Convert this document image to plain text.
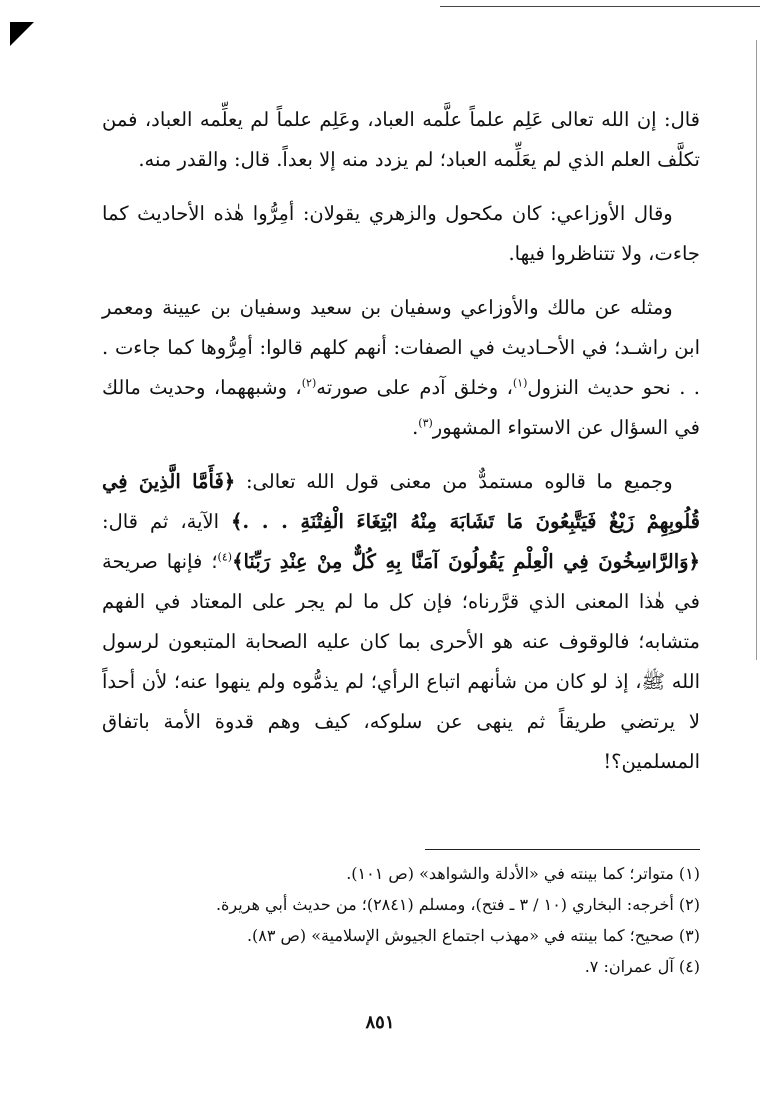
قال: إن الله تعالى عَلِم علماً علَّمه العباد، وعَلِم علماً لم يعلِّمه العباد، فمن تكلَّف العلم الذي لم يعَلِّمه العباد؛ لم يزدد منه إلا بعداً. قال: والقدر منه.

وقال الأوزاعي: كان مكحول والزهري يقولان: أمِرُّوا هٰذه الأحاديث كما جاءت، ولا تتناظروا فيها.

ومثله عن مالك والأوزاعي وسفيان بن سعيد وسفيان بن عيينة ومعمر ابن راشـد؛ في الأحـاديث في الصفات: أنهم كلهم قالوا: أمِرُّوها كما جاءت . . . نحو حديث النزول$^{(١)}$، وخلق آدم على صورته$^{(٢)}$، وشبههما، وحديث مالك في السؤال عن الاستواء المشهور$^{(٣)}$.

وجميع ما قالوه مستمدٌّ من معنى قول الله تعالى: ﴿فَأَمَّا الَّذِينَ فِي قُلُوبِهِمْ زَيْغٌ فَيَتَّبِعُونَ مَا تَشَابَهَ مِنْهُ ابْتِغَاءَ الْفِتْنَةِ . . .﴾ الآية، ثم قال: ﴿وَالرَّاسِخُونَ فِي الْعِلْمِ يَقُولُونَ آمَنَّا بِهِ كُلٌّ مِنْ عِنْدِ رَبِّنَا﴾$^{(٤)}$؛ فإنها صريحة في هٰذا المعنى الذي قرَّرناه؛ فإن كل ما لم يجر على المعتاد في الفهم متشابه؛ فالوقوف عنه هو الأحرى بما كان عليه الصحابة المتبعون لرسول الله ﷺ، إذ لو كان من شأنهم اتباع الرأي؛ لم يذمُّوه ولم ينهوا عنه؛ لأن أحداً لا يرتضي طريقاً ثم ينهى عن سلوكه، كيف وهم قدوة الأمة باتفاق المسلمين؟!

(١) متواتر؛ كما بينته في «الأدلة والشواهد» (ص ١٠١).

(٢) أخرجه: البخاري (١٠ / ٣ ـ فتح)، ومسلم (٢٨٤١)؛ من حديث أبي هريرة.

(٣) صحيح؛ كما بينته في «مهذب اجتماع الجيوش الإسلامية» (ص ٨٣).

(٤) آل عمران: ٧.

٨٥١
